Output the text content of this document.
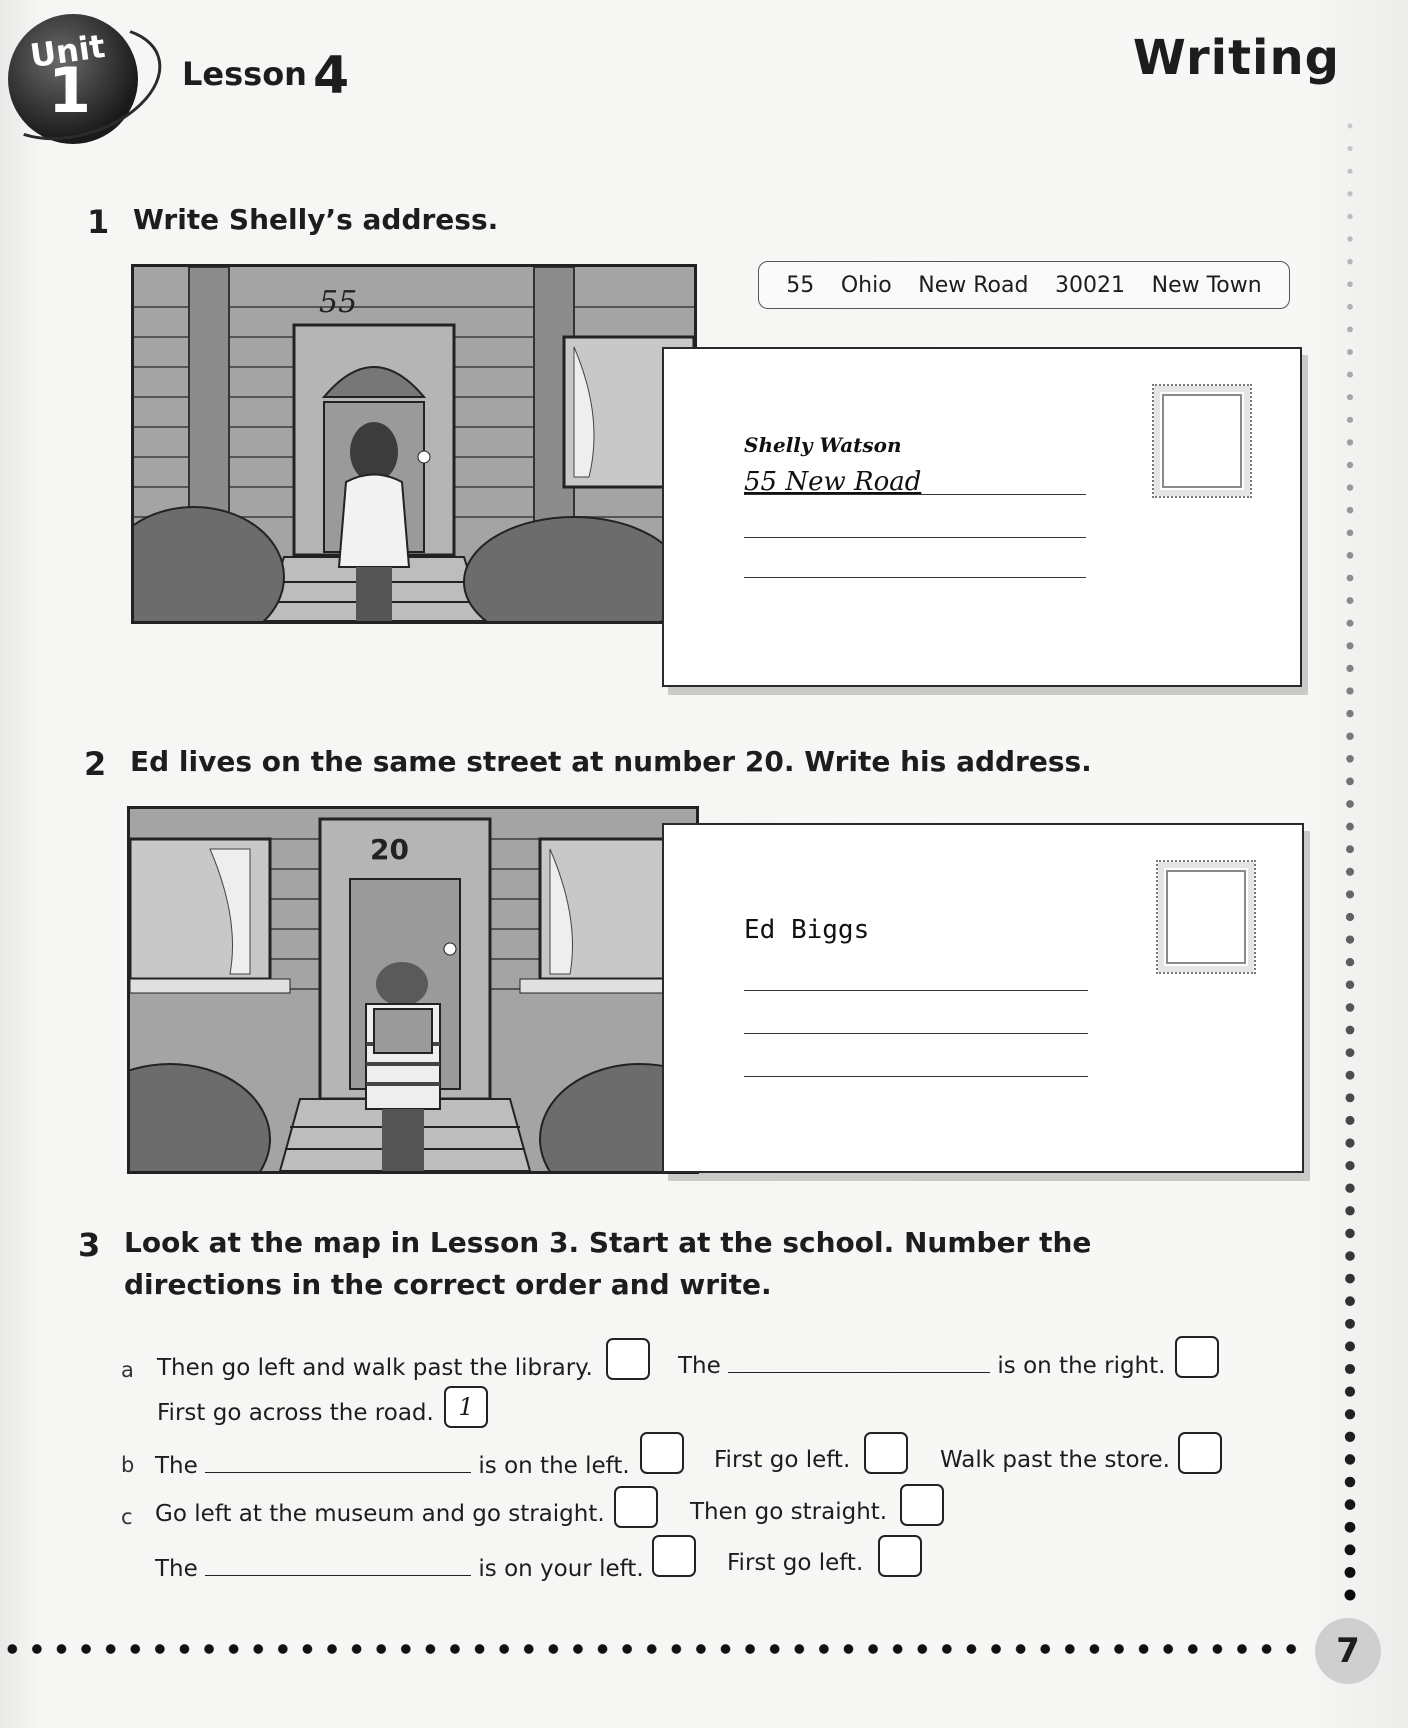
Unit
1	Lesson 4	Writing
1 Write Shelly’s address.
55	55 Ohio New Road 30021 New Town
Shelly Watson
55 New Road
2 Ed lives on the same street at number 20. Write his address.
20
Ed Biggs
3 Look at the map in Lesson 3. Start at the school. Number the
directions in the correct order and write.
a Then go left and walk past the library.	The	is on the right.
First go across the road.	1
b The	is on the left.	First go left.	Walk past the store.
c Go left at the museum and go straight.	Then go straight.
The	is on your left.	First go left.
7
